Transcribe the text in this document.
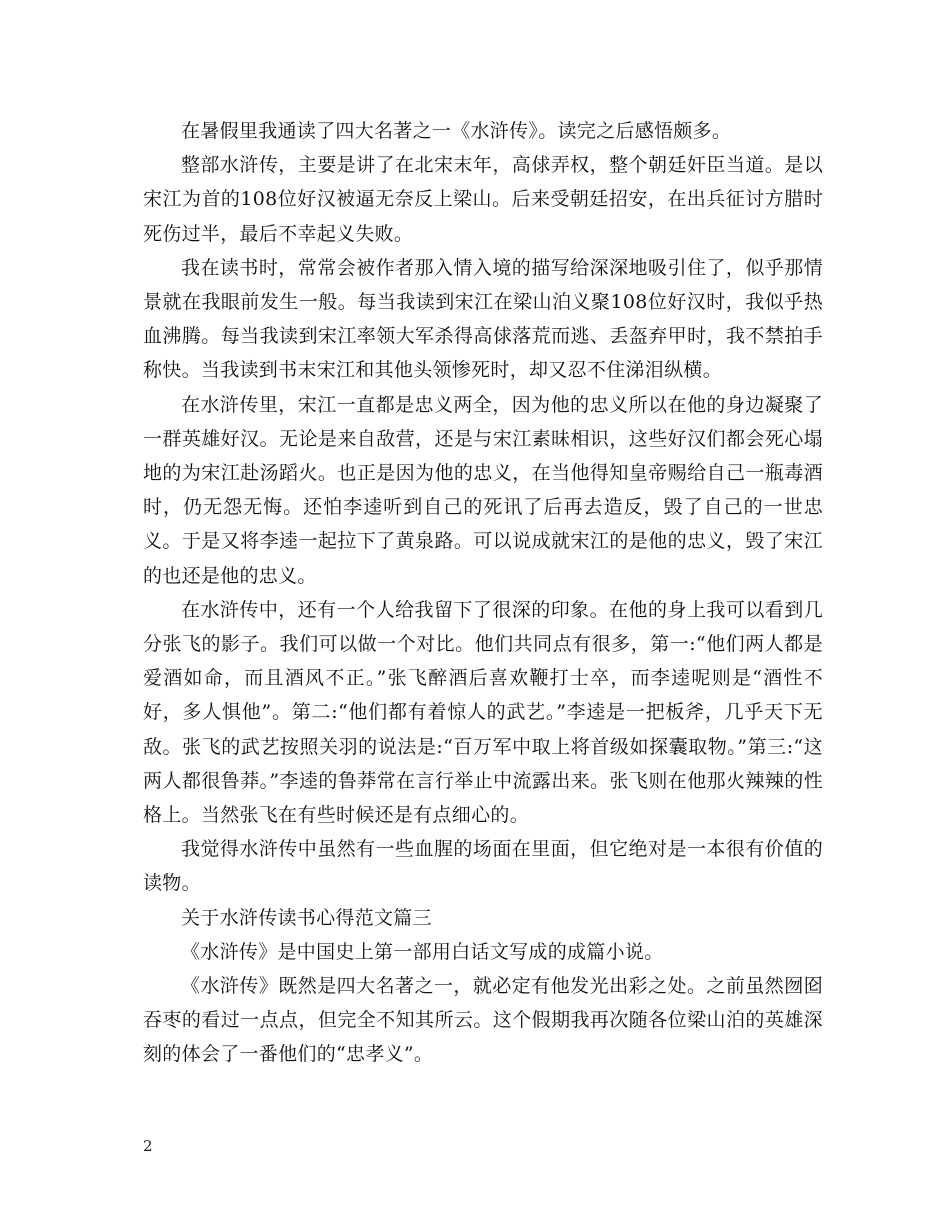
在暑假里我通读了四大名著之一《水浒传》。读完之后感悟颇多。

整部水浒传，主要是讲了在北宋末年，高俅弄权，整个朝廷奸臣当道。是以宋江为首的108位好汉被逼无奈反上梁山。后来受朝廷招安，在出兵征讨方腊时死伤过半，最后不幸起义失败。

我在读书时，常常会被作者那入情入境的描写给深深地吸引住了，似乎那情景就在我眼前发生一般。每当我读到宋江在梁山泊义聚108位好汉时，我似乎热血沸腾。每当我读到宋江率领大军杀得高俅落荒而逃、丢盔弃甲时，我不禁拍手称快。当我读到书末宋江和其他头领惨死时，却又忍不住涕泪纵横。

在水浒传里，宋江一直都是忠义两全，因为他的忠义所以在他的身边凝聚了一群英雄好汉。无论是来自敌营，还是与宋江素昧相识，这些好汉们都会死心塌地的为宋江赴汤蹈火。也正是因为他的忠义，在当他得知皇帝赐给自己一瓶毒酒时，仍无怨无悔。还怕李逵听到自己的死讯了后再去造反，毁了自己的一世忠义。于是又将李逵一起拉下了黄泉路。可以说成就宋江的是他的忠义，毁了宋江的也还是他的忠义。

在水浒传中，还有一个人给我留下了很深的印象。在他的身上我可以看到几分张飞的影子。我们可以做一个对比。他们共同点有很多，第一:“他们两人都是爱酒如命，而且酒风不正。”张飞醉酒后喜欢鞭打士卒，而李逵呢则是“酒性不好，多人惧他”。第二:“他们都有着惊人的武艺。”李逵是一把板斧，几乎天下无敌。张飞的武艺按照关羽的说法是:“百万军中取上将首级如探囊取物。”第三:“这两人都很鲁莽。”李逵的鲁莽常在言行举止中流露出来。张飞则在他那火辣辣的性格上。当然张飞在有些时候还是有点细心的。

我觉得水浒传中虽然有一些血腥的场面在里面，但它绝对是一本很有价值的读物。

关于水浒传读书心得范文篇三

《水浒传》是中国史上第一部用白话文写成的成篇小说。

《水浒传》既然是四大名著之一，就必定有他发光出彩之处。之前虽然囫囵吞枣的看过一点点，但完全不知其所云。这个假期我再次随各位梁山泊的英雄深刻的体会了一番他们的“忠孝义”。

2
